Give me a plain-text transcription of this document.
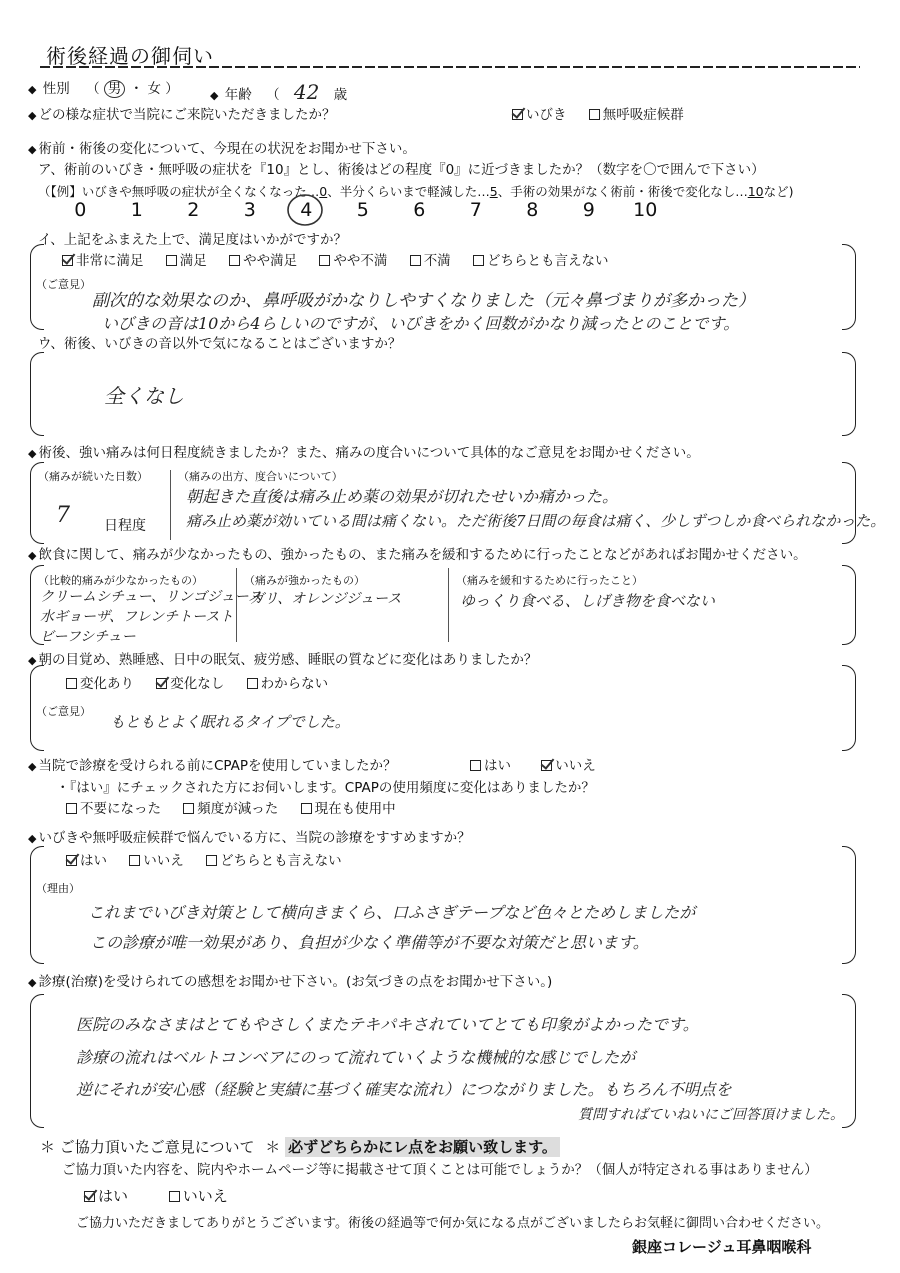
術後経過の御伺い
◆ 性別 （ 男 ・ 女 ）
◆	年齢 （ 42 歳
◆ どの様な症状で当院にご来院いただきましたか？	いびき	無呼吸症候群
◆ 術前・術後の変化について、今現在の状況をお聞かせ下さい。
ア、術前のいびき・無呼吸の症状を『10』とし、術後はどの程度『0』に近づきましたか？（数字を〇で囲んで下さい）
（【例】いびきや無呼吸の症状が全くなくなった…0、半分くらいまで軽減した…5、手術の効果がなく術前・術後で変化なし…10など)
0 1 2 3 4 5 6 7 8 9 10
イ、上記をふまえた上で、満足度はいかがですか？
非常に満足	満足	やや満足	やや不満	不満	どちらとも言えない
（ご意見）
副次的な効果なのか、鼻呼吸がかなりしやすくなりました（元々鼻づまりが多かった）
いびきの音は10から4らしいのですが、いびきをかく回数がかなり減ったとのことです。
ウ、術後、いびきの音以外で気になることはございますか？
全くなし
◆ 術後、強い痛みは何日程度続きましたか？また、痛みの度合いについて具体的なご意見をお聞かせください。
（痛みが続いた日数）
7 日程度
（痛みの出方、度合いについて）
朝起きた直後は痛み止め薬の効果が切れたせいか痛かった。
痛み止め薬が効いている間は痛くない。ただ術後7日間の毎食は痛く、少しずつしか食べられなかった。
◆ 飲食に関して、痛みが少なかったもの、強かったもの、また痛みを緩和するために行ったことなどがあればお聞かせください。
（比較的痛みが少なかったもの）
クリームシチュー、リンゴジュース
水ギョーザ、フレンチトースト
ビーフシチュー
（痛みが強かったもの）
ガリ、オレンジジュース
（痛みを緩和するために行ったこと）
ゆっくり食べる、しげき物を食べない
◆ 朝の目覚め、熟睡感、日中の眠気、疲労感、睡眠の質などに変化はありましたか？
変化あり	変化なし	わからない
（ご意見）
もともとよく眠れるタイプでした。
◆ 当院で診療を受けられる前にCPAPを使用していましたか？	はい	いいえ
・『はい』にチェックされた方にお伺いします。CPAPの使用頻度に変化はありましたか？
不要になった	頻度が減った	現在も使用中
◆ いびきや無呼吸症候群で悩んでいる方に、当院の診療をすすめますか？
はい	いいえ	どちらとも言えない
（理由）
これまでいびき対策として横向きまくら、口ふさぎテープなど色々とためしましたが
この診療が唯一効果があり、負担が少なく準備等が不要な対策だと思います。
◆ 診療(治療)を受けられての感想をお聞かせ下さい。(お気づきの点をお聞かせ下さい。)
医院のみなさまはとてもやさしくまたテキパキされていてとても印象がよかったです。
診療の流れはベルトコンベアにのって流れていくような機械的な感じでしたが
逆にそれが安心感（経験と実績に基づく確実な流れ）につながりました。もちろん不明点を
質問すればていねいにご回答頂けました。
＊ ご協力頂いたご意見について ＊ 必ずどちらかにレ点をお願い致します。
ご協力頂いた内容を、院内やホームページ等に掲載させて頂くことは可能でしょうか？（個人が特定される事はありません）
はい	いいえ
ご協力いただきましてありがとうございます。術後の経過等で何か気になる点がございましたらお気軽に御問い合わせください。
銀座コレージュ耳鼻咽喉科
